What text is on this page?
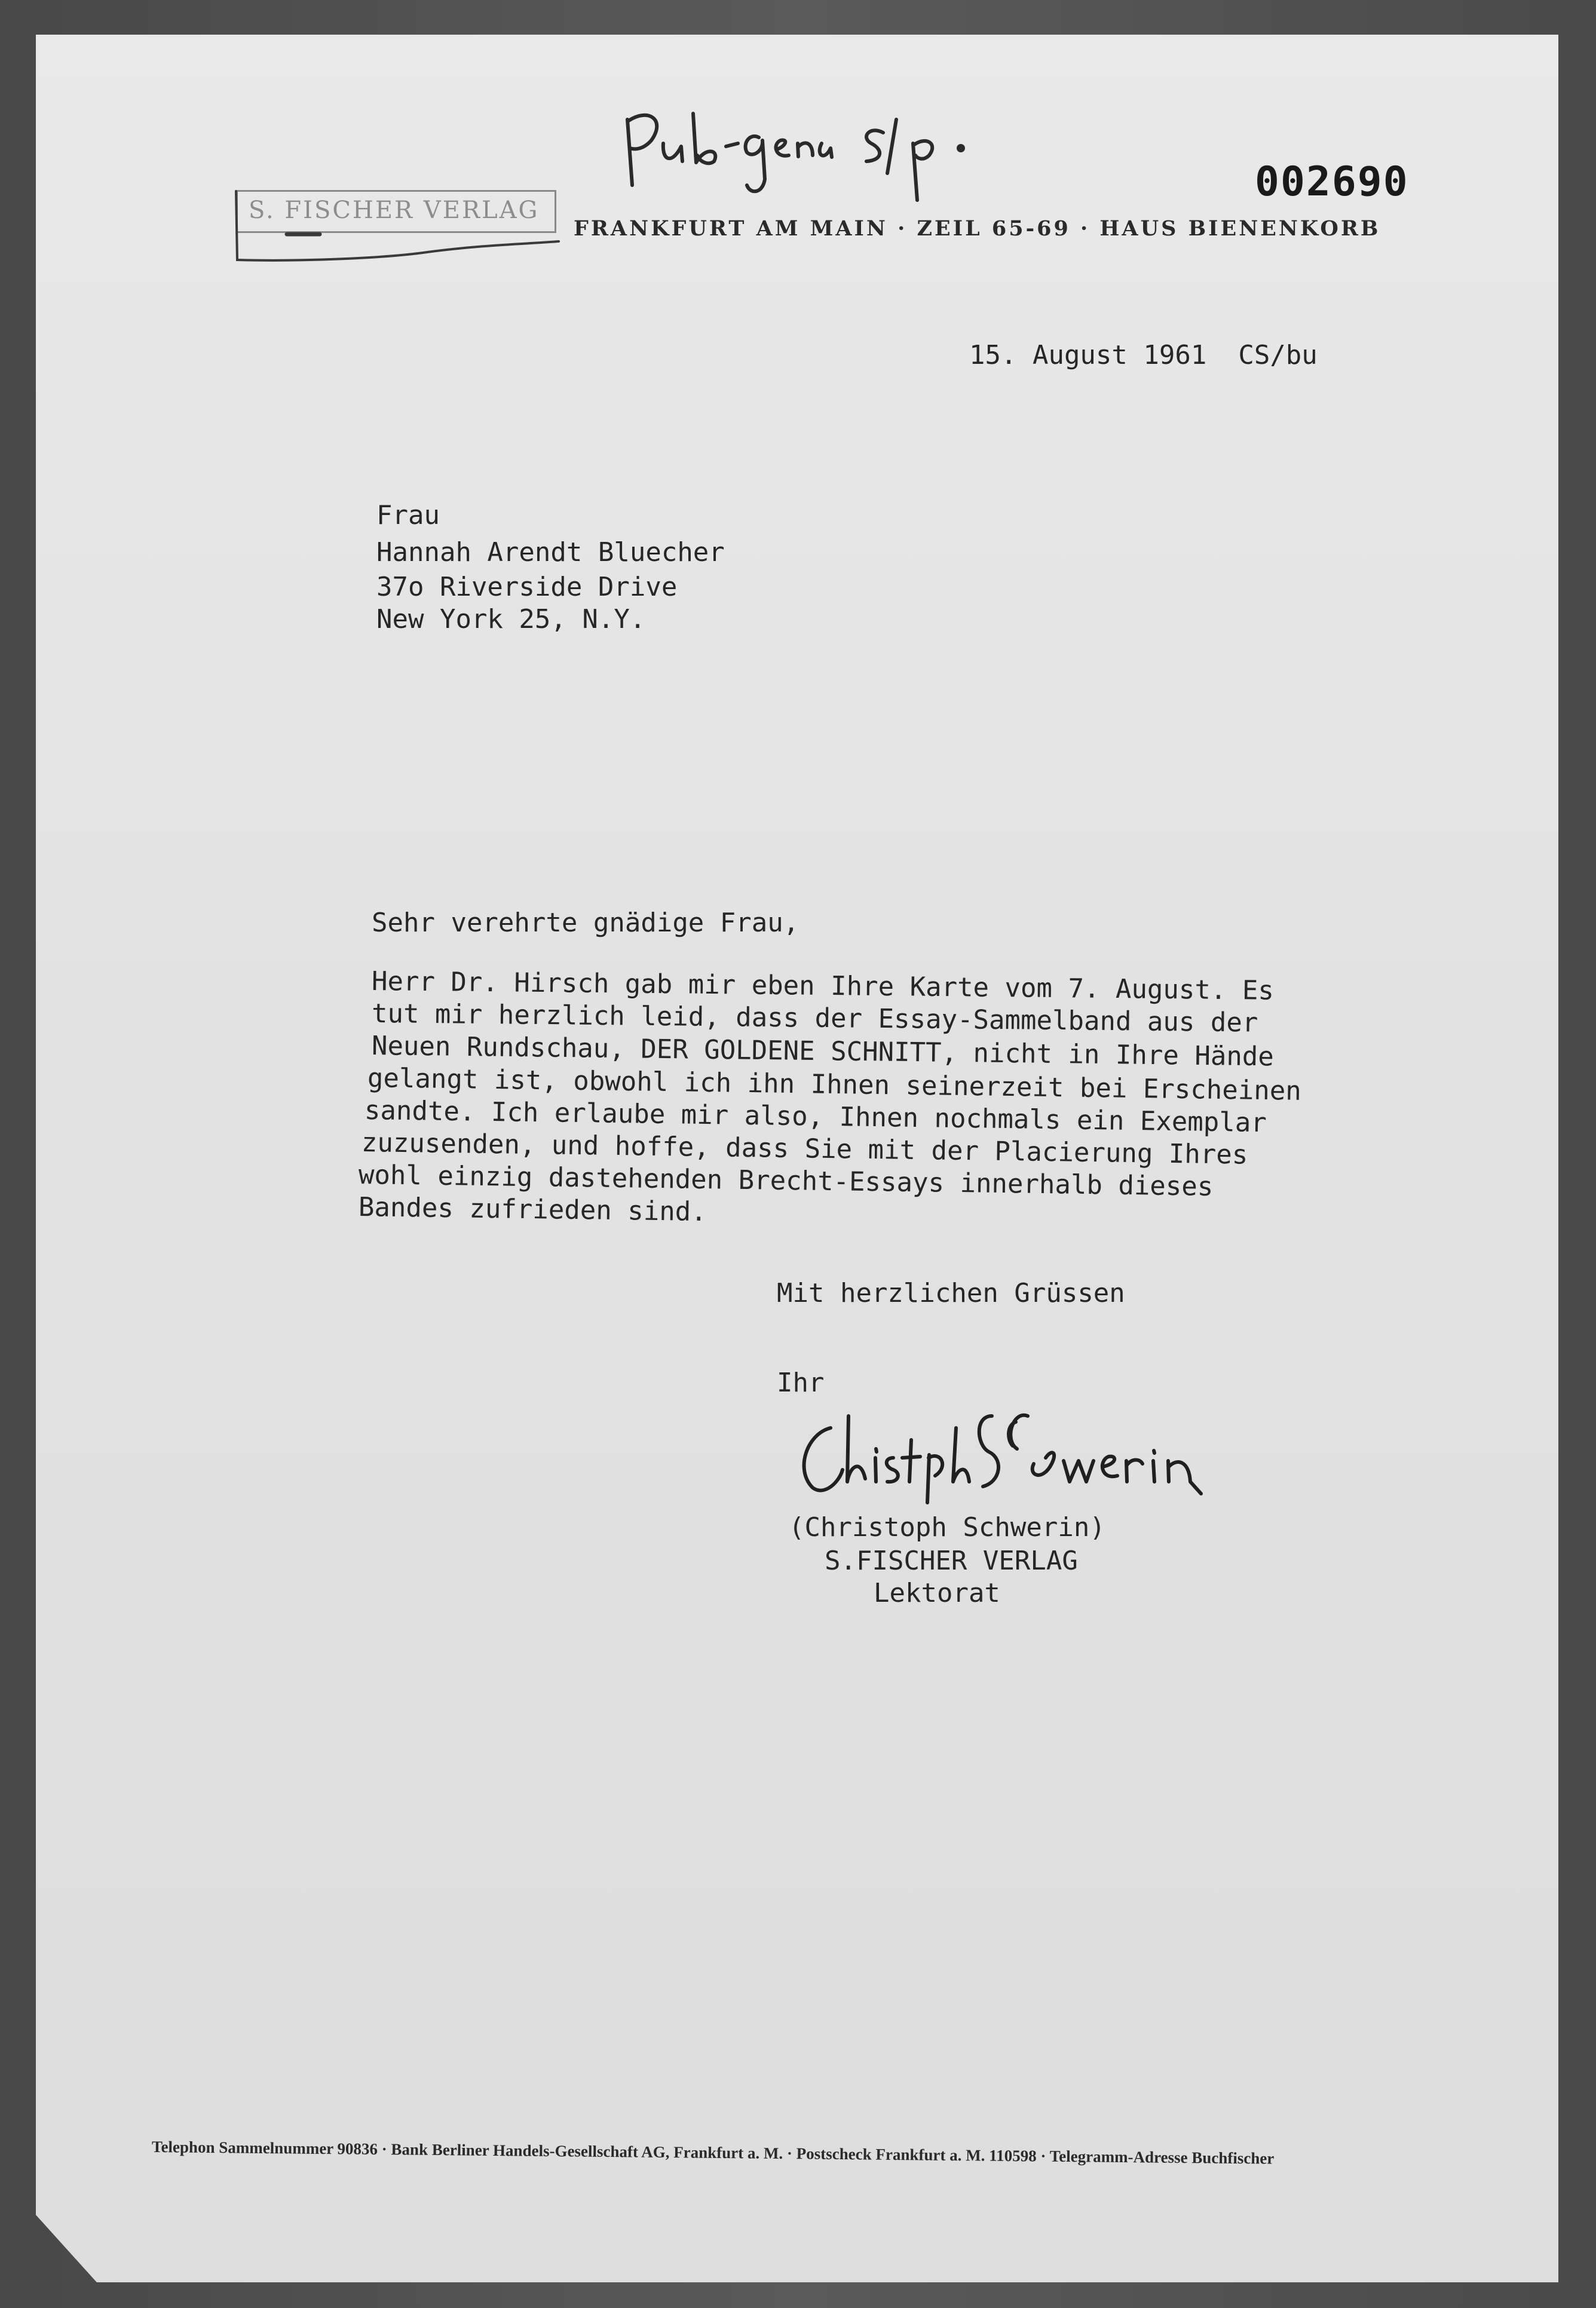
S. FISCHER VERLAG

FRANKFURT AM MAIN · ZEIL 65-69 · HAUS BIENENKORB

002690

15. August 1961  CS/bu

Frau

Hannah Arendt Bluecher

37o Riverside Drive

New York 25, N.Y.

Sehr verehrte gnädige Frau,

Herr Dr. Hirsch gab mir eben Ihre Karte vom 7. August. Es

tut mir herzlich leid, dass der Essay-Sammelband aus der

Neuen Rundschau, DER GOLDENE SCHNITT, nicht in Ihre Hände

gelangt ist, obwohl ich ihn Ihnen seinerzeit bei Erscheinen

sandte. Ich erlaube mir also, Ihnen nochmals ein Exemplar

zuzusenden, und hoffe, dass Sie mit der Placierung Ihres

wohl einzig dastehenden Brecht-Essays innerhalb dieses

Bandes zufrieden sind.

Mit herzlichen Grüssen

Ihr

(Christoph Schwerin)

S.FISCHER VERLAG

Lektorat

Telephon Sammelnummer 90836 · Bank Berliner Handels-Gesellschaft AG, Frankfurt a. M. · Postscheck Frankfurt a. M. 110598 · Telegramm-Adresse Buchfischer
